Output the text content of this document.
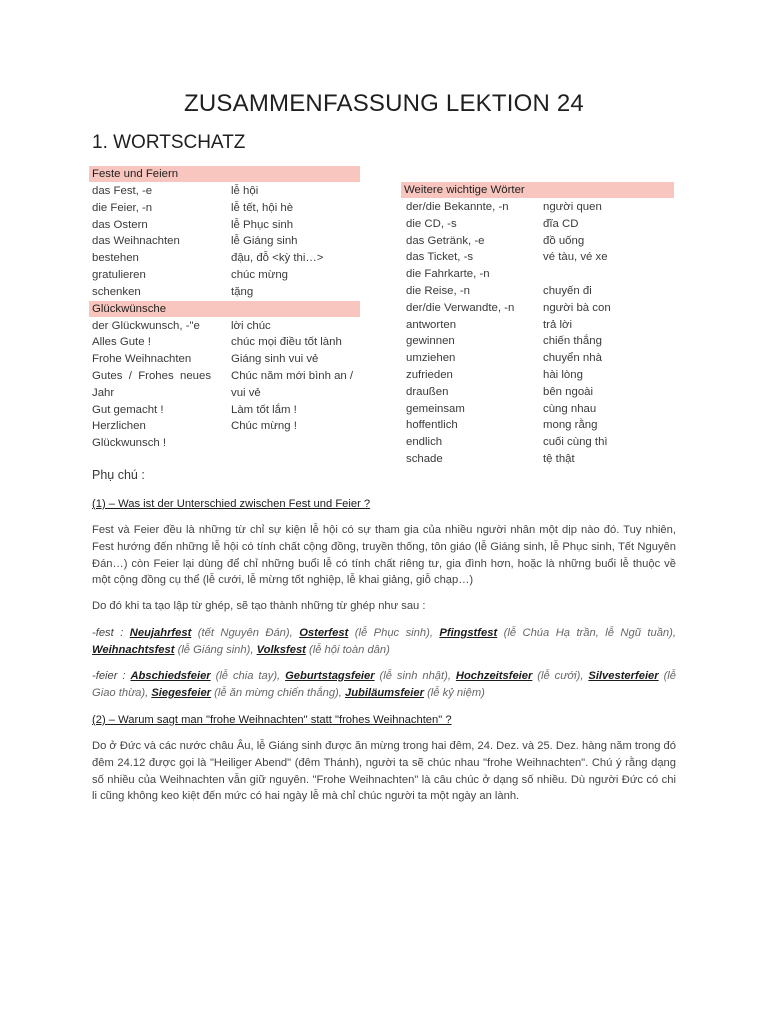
ZUSAMMENFASSUNG LEKTION 24
1. WORTSCHATZ
Feste und Feiern
das Fest, -e	lễ hội
die Feier, -n	lễ tết, hội hè
das Ostern	lễ Phục sinh
das Weihnachten	lễ Giáng sinh
bestehen	đậu, đỗ <kỳ thi…>
gratulieren	chúc mừng
schenken	tặng
Glückwünsche
der Glückwunsch, -"e	lời chúc
Alles Gute !	chúc mọi điều tốt lành
Frohe Weihnachten	Giáng sinh vui vẻ
Gutes  /  Frohes  neues	Chúc năm mới bình an /
Jahr	vui vẻ
Gut gemacht !	Làm tốt lắm !
Herzlichen	Chúc mừng !
Glückwunsch !
Weitere wichtige Wörter
der/die Bekannte, -n	người quen
die CD, -s	đĩa CD
das Getränk, -e	đồ uống
das Ticket, -s	vé tàu, vé xe
die Fahrkarte, -n
die Reise, -n	chuyến đi
der/die Verwandte, -n	người bà con
antworten	trả lời
gewinnen	chiến thắng
umziehen	chuyển nhà
zufrieden	hài lòng
draußen	bên ngoài
gemeinsam	cùng nhau
hoffentlich	mong rằng
endlich	cuối cùng thì
schade	tệ thật
Phụ chú :
(1) – Was ist der Unterschied zwischen Fest und Feier ?
Fest và Feier đều là những từ chỉ sự kiện lễ hội có sự tham gia của nhiều người nhân một dịp nào đó. Tuy nhiên, Fest hướng đến những lễ hội có tính chất cộng đồng, truyền thống, tôn giáo (lễ Giáng sinh, lễ Phục sinh, Tết Nguyên Đán…) còn Feier lại dùng để chỉ những buổi lễ có tính chất riêng tư, gia đình hơn, hoặc là những buổi lễ thuộc về một cộng đồng cụ thể (lễ cưới, lễ mừng tốt nghiệp, lễ khai giảng, giỗ chạp…)
Do đó khi ta tạo lập từ ghép, sẽ tạo thành những từ ghép như sau :
-fest : Neujahrfest (tết Nguyên Đán), Osterfest (lễ Phục sinh), Pfingstfest (lễ Chúa Hạ trần, lễ Ngũ tuần), Weihnachtsfest (lễ Giáng sinh), Volksfest (lễ hội toàn dân)
-feier : Abschiedsfeier (lễ chia tay), Geburtstagsfeier (lễ sinh nhật), Hochzeitsfeier (lễ cưới), Silvesterfeier (lễ Giao thừa), Siegesfeier (lễ ăn mừng chiến thắng), Jubiläumsfeier (lễ kỷ niệm)
(2) – Warum sagt man "frohe Weihnachten" statt "frohes Weihnachten" ?
Do ở Đức và các nước châu Âu, lễ Giáng sinh được ăn mừng trong hai đêm, 24. Dez. và 25. Dez. hàng năm trong đó đêm 24.12 được gọi là "Heiliger Abend" (đêm Thánh), người ta sẽ chúc nhau "frohe Weihnachten". Chú ý rằng dạng số nhiều của Weihnachten vẫn giữ nguyên. "Frohe Weihnachten" là câu chúc ở dạng số nhiều. Dù người Đức có chi li cũng không keo kiệt đến mức có hai ngày lễ mà chỉ chúc người ta một ngày an lành.
